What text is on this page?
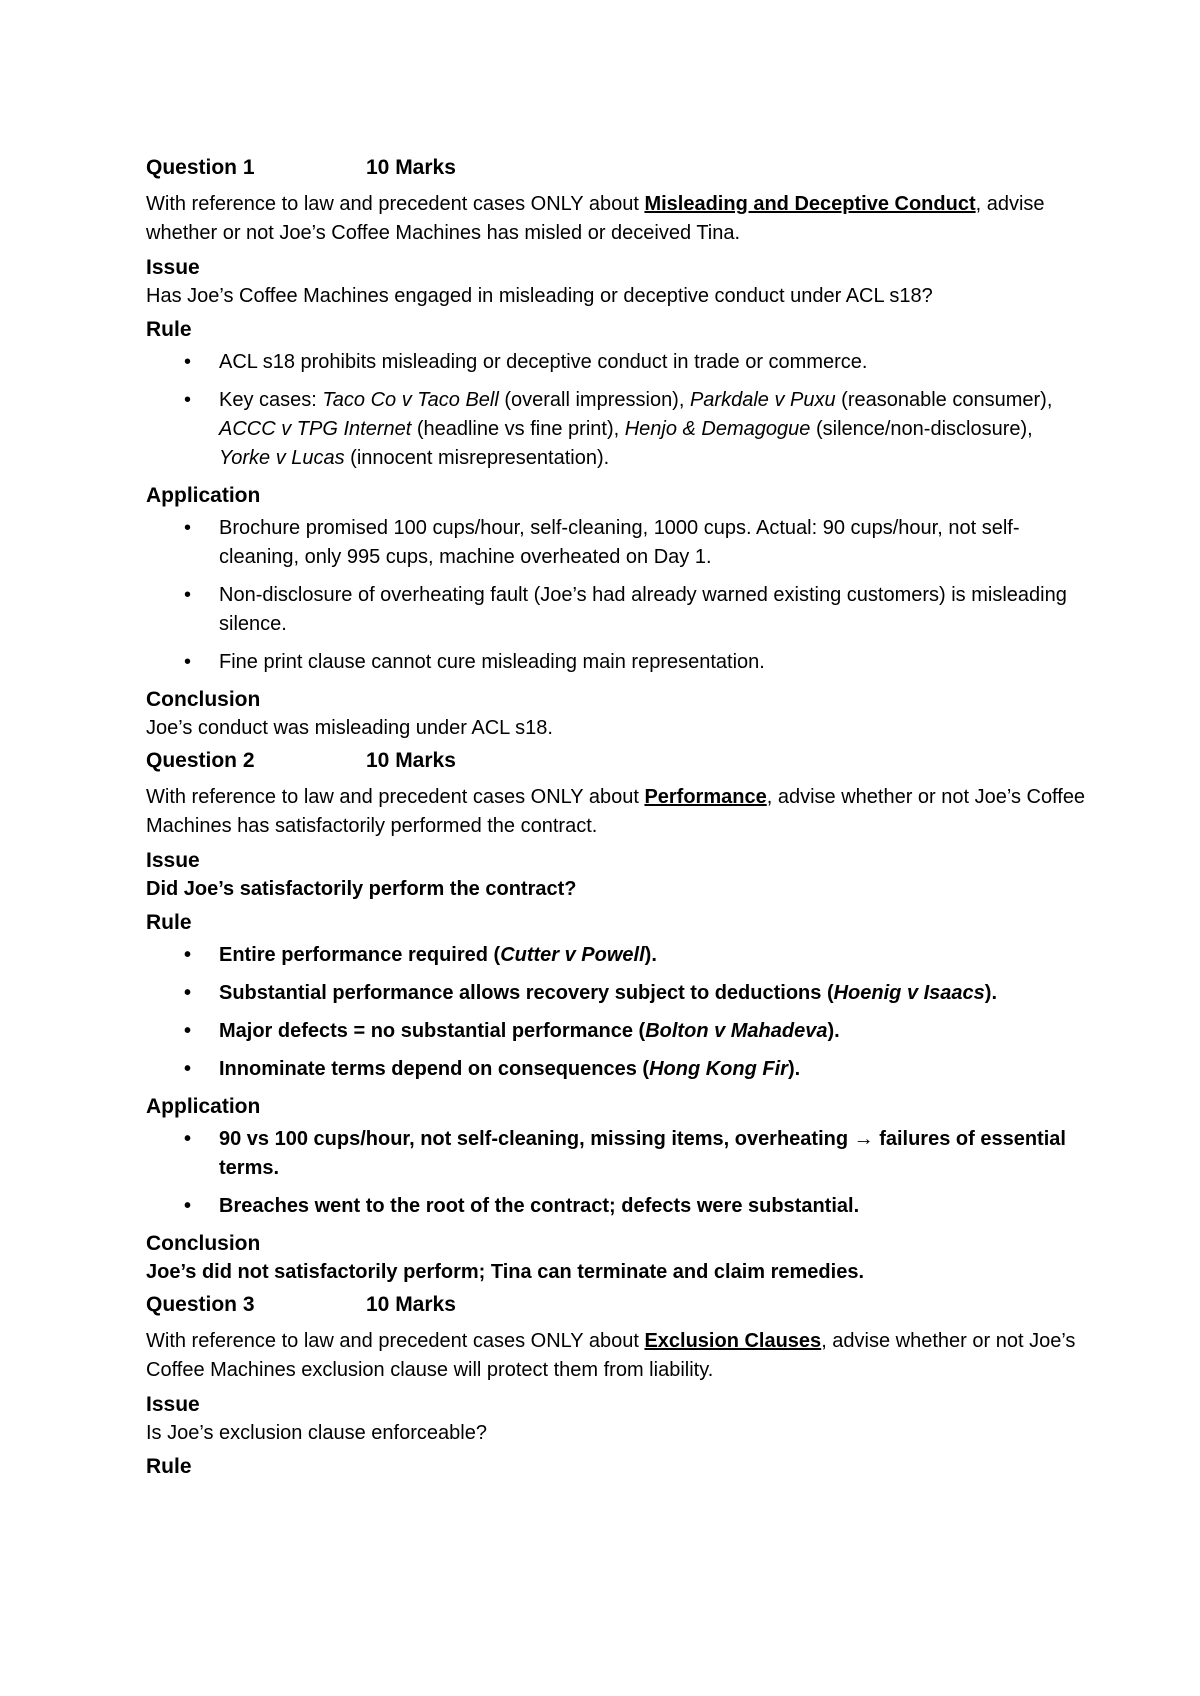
Question 1	10 Marks

With reference to law and precedent cases ONLY about Misleading and Deceptive Conduct, advise whether or not Joe’s Coffee Machines has misled or deceived Tina.

Issue

Has Joe’s Coffee Machines engaged in misleading or deceptive conduct under ACL s18?

Rule

• ACL s18 prohibits misleading or deceptive conduct in trade or commerce.
• Key cases: Taco Co v Taco Bell (overall impression), Parkdale v Puxu (reasonable consumer), ACCC v TPG Internet (headline vs fine print), Henjo & Demagogue (silence/non-disclosure), Yorke v Lucas (innocent misrepresentation).

Application

• Brochure promised 100 cups/hour, self-cleaning, 1000 cups. Actual: 90 cups/hour, not self-cleaning, only 995 cups, machine overheated on Day 1.
• Non-disclosure of overheating fault (Joe’s had already warned existing customers) is misleading silence.
• Fine print clause cannot cure misleading main representation.

Conclusion

Joe’s conduct was misleading under ACL s18.

Question 2	10 Marks

With reference to law and precedent cases ONLY about Performance, advise whether or not Joe’s Coffee Machines has satisfactorily performed the contract.

Issue

Did Joe’s satisfactorily perform the contract?

Rule

• Entire performance required (Cutter v Powell).
• Substantial performance allows recovery subject to deductions (Hoenig v Isaacs).
• Major defects = no substantial performance (Bolton v Mahadeva).
• Innominate terms depend on consequences (Hong Kong Fir).

Application

• 90 vs 100 cups/hour, not self-cleaning, missing items, overheating → failures of essential terms.
• Breaches went to the root of the contract; defects were substantial.

Conclusion

Joe’s did not satisfactorily perform; Tina can terminate and claim remedies.

Question 3	10 Marks

With reference to law and precedent cases ONLY about Exclusion Clauses, advise whether or not Joe’s Coffee Machines exclusion clause will protect them from liability.

Issue

Is Joe’s exclusion clause enforceable?

Rule
